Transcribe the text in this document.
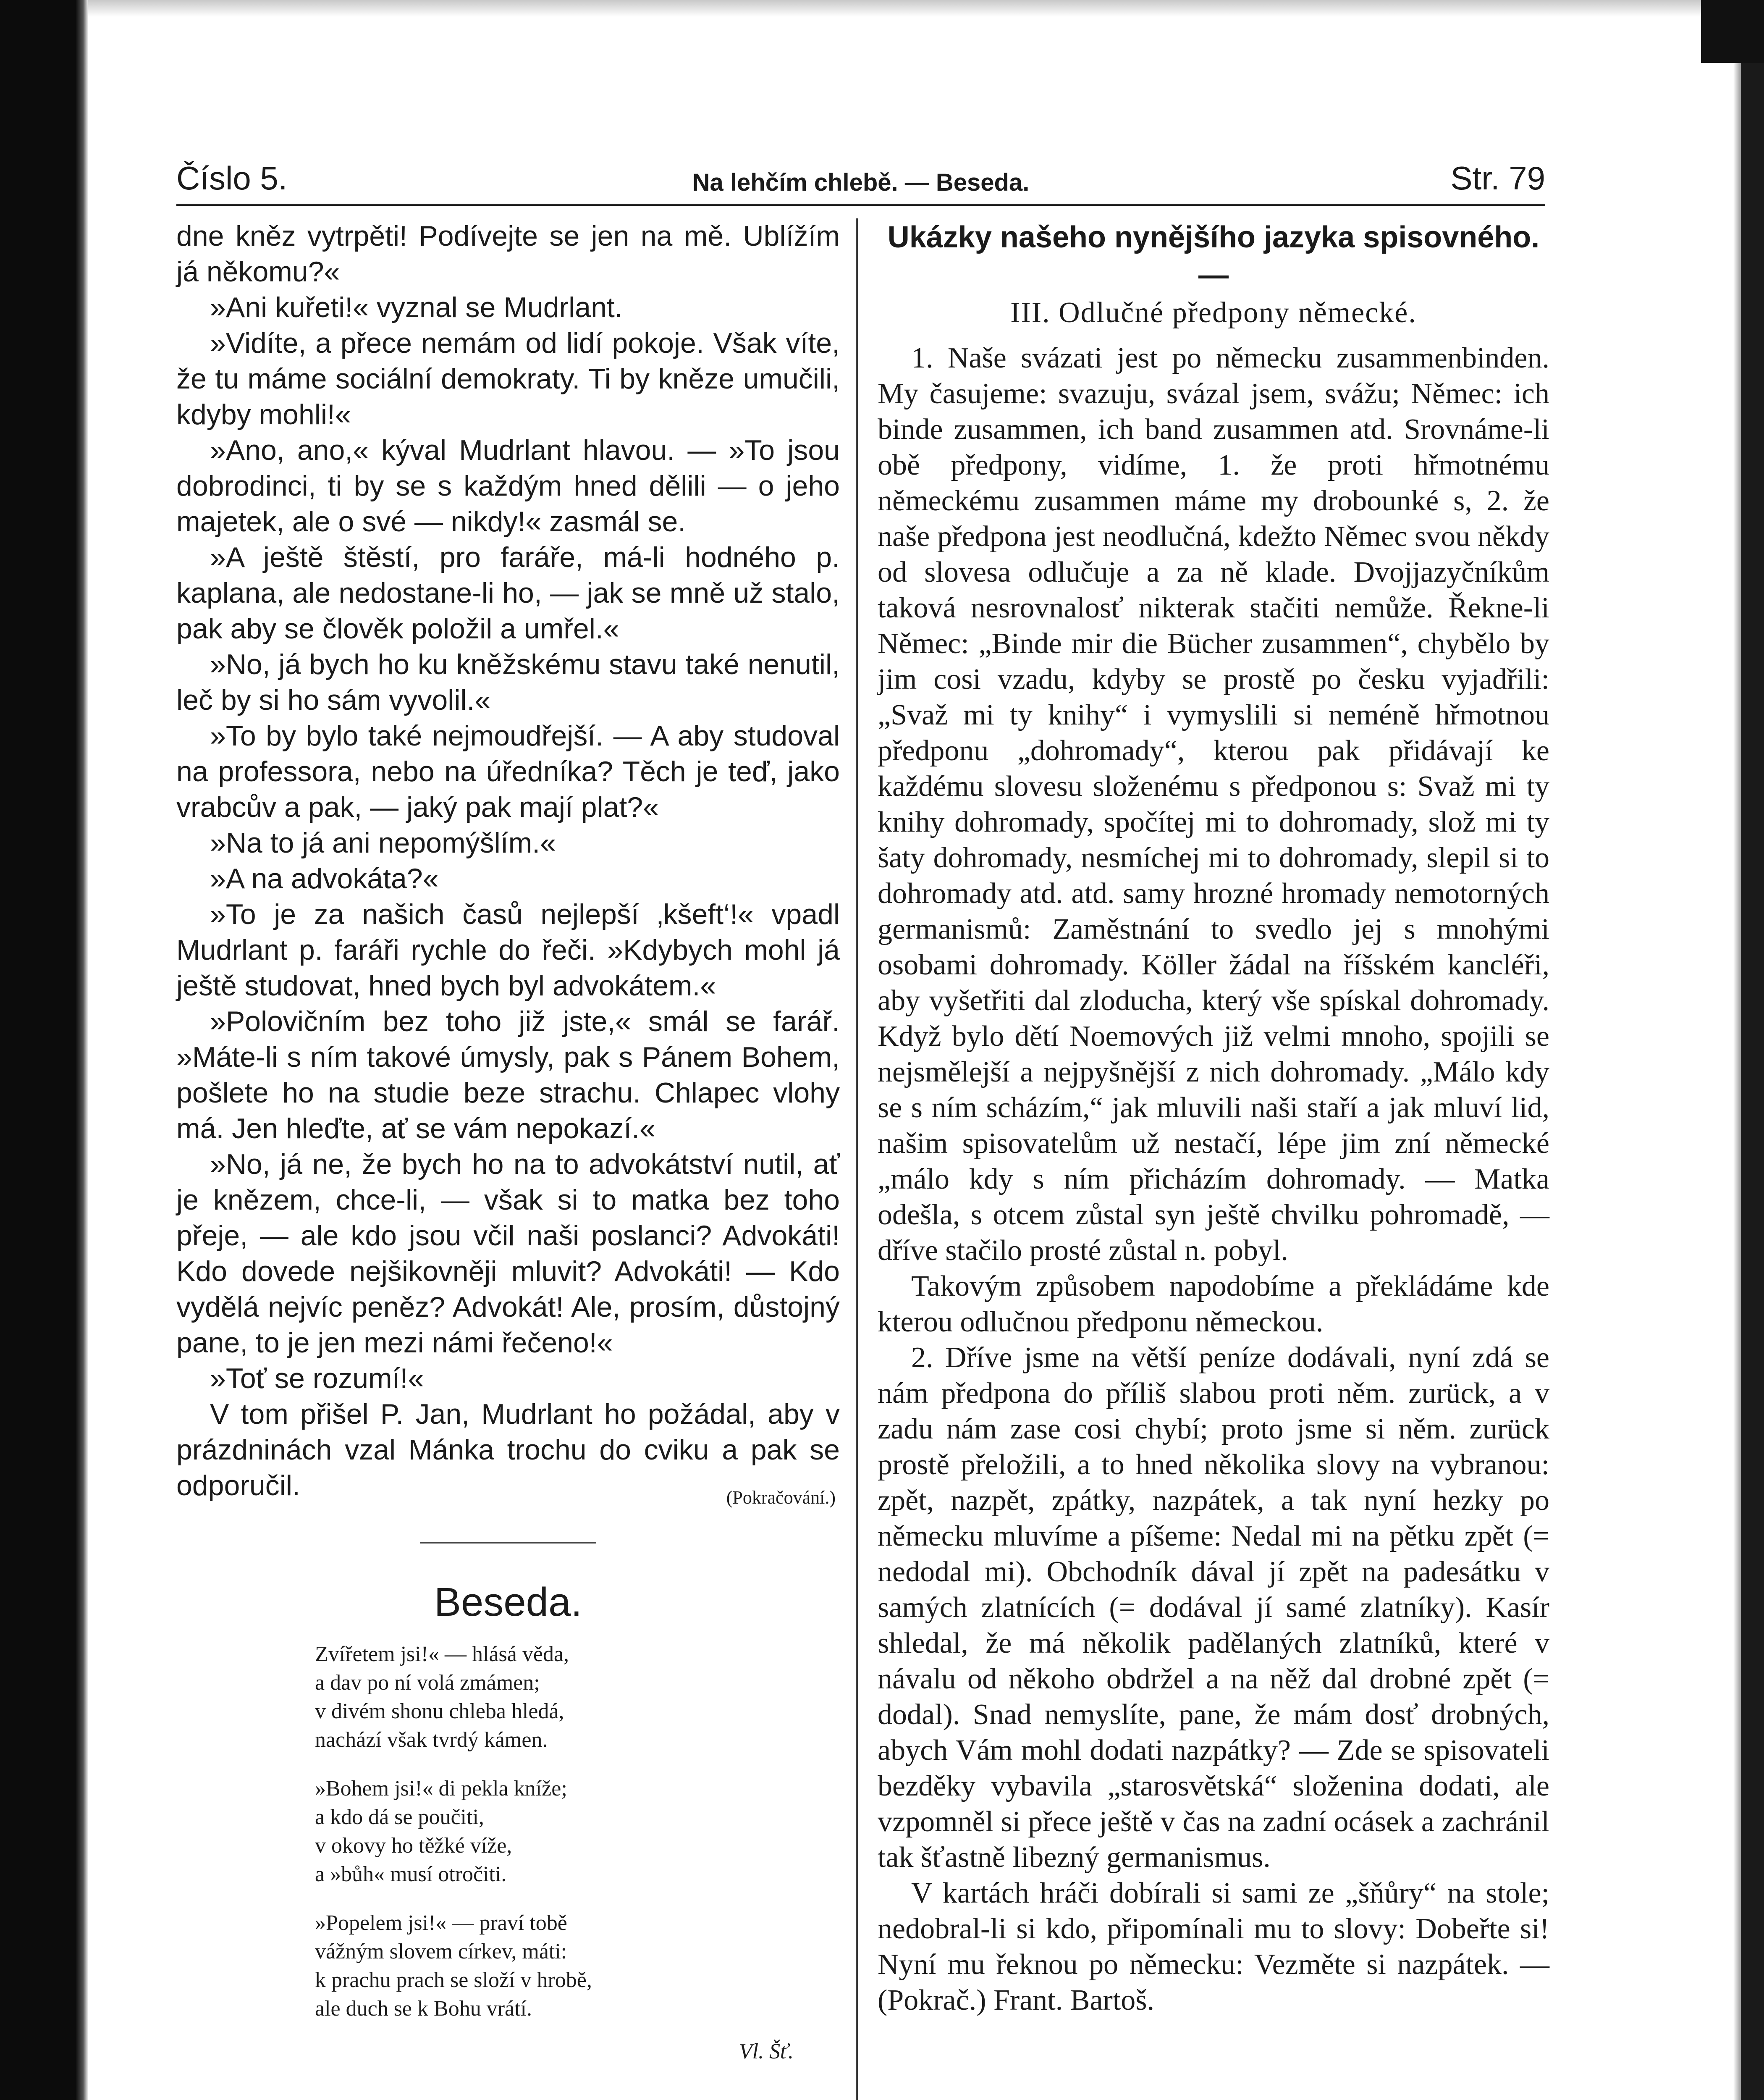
Číslo 5.	Na lehčím chlebě. — Beseda.	Str. 79

dne kněz vytrpěti! Podívejte se jen na mě. Ublížím já někomu?«

»Ani kuřeti!« vyznal se Mudrlant.

»Vidíte, a přece nemám od lidí pokoje. Však víte, že tu máme sociální demokraty. Ti by kněze umučili, kdyby mohli!«

»Ano, ano,« kýval Mudrlant hlavou. — »To jsou dobrodinci, ti by se s každým hned dělili — o jeho majetek, ale o své — nikdy!« zasmál se.

»A ještě štěstí, pro faráře, má-li hodného p. kaplana, ale nedostane-li ho, — jak se mně už stalo, pak aby se člověk položil a umřel.«

»No, já bych ho ku kněžskému stavu také nenutil, leč by si ho sám vyvolil.«

»To by bylo také nejmoudřejší. — A aby studoval na professora, nebo na úředníka? Těch je teď, jako vrabcův a pak, — jaký pak mají plat?«

»Na to já ani nepomýšlím.«

»A na advokáta?«

»To je za našich časů nejlepší ‚kšeft‘!« vpadl Mudrlant p. faráři rychle do řeči. »Kdybych mohl já ještě studovat, hned bych byl advokátem.«

»Polovičním bez toho již jste,« smál se farář. »Máte-li s ním takové úmysly, pak s Pánem Bohem, pošlete ho na studie beze strachu. Chlapec vlohy má. Jen hleďte, ať se vám nepokazí.«

»No, já ne, že bych ho na to advokátství nutil, ať je knězem, chce-li, — však si to matka bez toho přeje, — ale kdo jsou včil naši poslanci? Advokáti! Kdo dovede nejšikovněji mluvit? Advokáti! — Kdo vydělá nejvíc peněz? Advokát! Ale, prosím, důstojný pane, to je jen mezi námi řečeno!«

»Toť se rozumí!«

V tom přišel P. Jan, Mudrlant ho požádal, aby v prázdninách vzal Mánka trochu do cviku a pak se odporučil.	(Pokračování.)
Beseda.

Zvířetem jsi!« — hlásá věda,

a dav po ní volá zmámen;

v divém shonu chleba hledá,

nachází však tvrdý kámen.

»Bohem jsi!« di pekla kníže;

a kdo dá se poučiti,

v okovy ho těžké víže,

a »bůh« musí otročiti.

»Popelem jsi!« — praví tobě

vážným slovem církev, máti:

k prachu prach se složí v hrobě,

ale duch se k Bohu vrátí.

Vl. Šť.
Ukázky našeho nynějšího jazyka spisovného. —
III. Odlučné předpony německé.

1. Naše svázati jest po německu zusammenbinden. My časujeme: svazuju, svázal jsem, svážu; Němec: ich binde zusammen, ich band zusammen atd. Srovnáme-li obě předpony, vidíme, 1. že proti hřmotnému německému zusammen máme my drobounké s, 2. že naše předpona jest neodlučná, kdežto Němec svou někdy od slovesa odlučuje a za ně klade. Dvojjazyčníkům taková nesrovnalosť nikterak stačiti nemůže. Řekne-li Němec: „Binde mir die Bücher zusammen“, chybělo by jim cosi vzadu, kdyby se prostě po česku vyjadřili: „Svaž mi ty knihy“ i vymyslili si neméně hřmotnou předponu „dohromady“, kterou pak přidávají ke každému slovesu složenému s předponou s: Svaž mi ty knihy dohromady, spočítej mi to dohromady, slož mi ty šaty dohromady, nesmíchej mi to dohromady, slepil si to dohromady atd. atd. samy hrozné hromady nemotorných germanismů: Zaměstnání to svedlo jej s mnohými osobami dohromady. Köller žádal na říšském kancléři, aby vyšetřiti dal zloducha, který vše spískal dohromady. Když bylo dětí Noemových již velmi mnoho, spojili se nejsmělejší a nejpyšnější z nich dohromady. „Málo kdy se s ním scházím,“ jak mluvili naši staří a jak mluví lid, našim spisovatelům už nestačí, lépe jim zní německé „málo kdy s ním přicházím dohromady. — Matka odešla, s otcem zůstal syn ještě chvilku pohromadě, — dříve stačilo prosté zůstal n. pobyl.

Takovým způsobem napodobíme a překládáme kde kterou odlučnou předponu německou.

2. Dříve jsme na větší peníze dodávali, nyní zdá se nám předpona do příliš slabou proti něm. zurück, a v zadu nám zase cosi chybí; proto jsme si něm. zurück prostě přeložili, a to hned několika slovy na vybranou: zpět, nazpět, zpátky, nazpátek, a tak nyní hezky po německu mluvíme a píšeme: Nedal mi na pětku zpět (= nedodal mi). Obchodník dával jí zpět na padesátku v samých zlatnících (= dodával jí samé zlatníky). Kasír shledal, že má několik padělaných zlatníků, které v návalu od někoho obdržel a na něž dal drobné zpět (= dodal). Snad nemyslíte, pane, že mám dosť drobných, abych Vám mohl dodati nazpátky? — Zde se spisovateli bezděky vybavila „starosvětská“ složenina dodati, ale vzpomněl si přece ještě v čas na zadní ocásek a zachránil tak šťastně libezný germanismus.

V kartách hráči dobírali si sami ze „šňůry“ na stole; nedobral-li si kdo, připomínali mu to slovy: Dobeřte si! Nyní mu řeknou po německu: Vezměte si nazpátek. — (Pokrač.) Frant. Bartoš.
